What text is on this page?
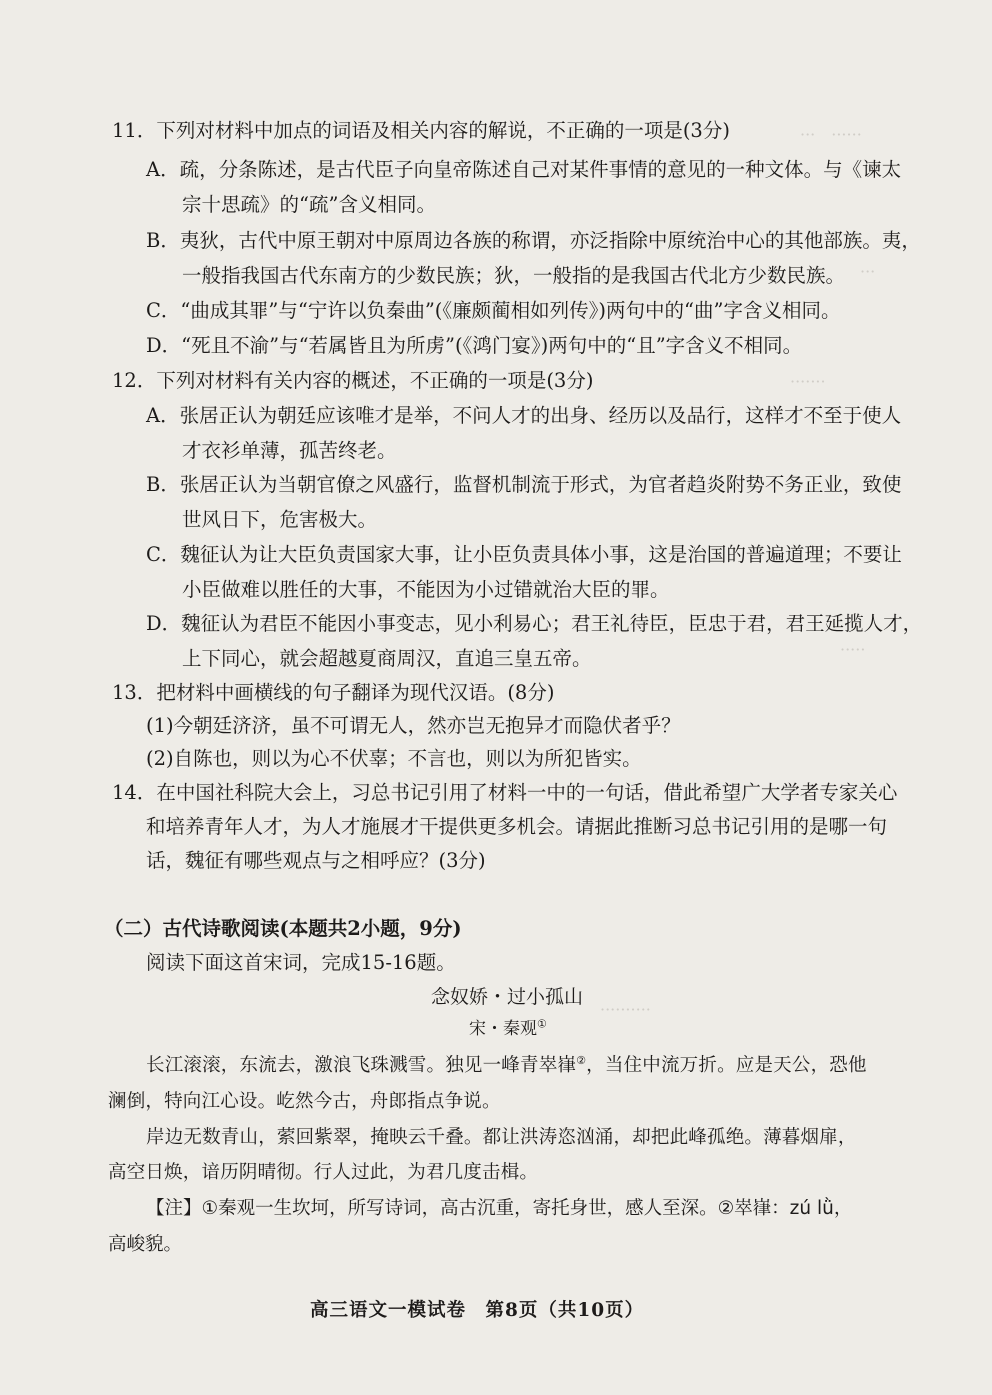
···　······
···
·······
·····
··········
11．下列对材料中加点的词语及相关内容的解说，不正确的一项是(3分)
A．疏，分条陈述，是古代臣子向皇帝陈述自己对某件事情的意见的一种文体。与《谏太
宗十思疏》的“疏”含义相同。
B．夷狄，古代中原王朝对中原周边各族的称谓，亦泛指除中原统治中心的其他部族。夷，
一般指我国古代东南方的少数民族；狄，一般指的是我国古代北方少数民族。
C．“曲成其罪”与“宁许以负秦曲”(《廉颇蔺相如列传》)两句中的“曲”字含义相同。
D．“死且不渝”与“若属皆且为所虏”(《鸿门宴》)两句中的“且”字含义不相同。
12．下列对材料有关内容的概述，不正确的一项是(3分)
A．张居正认为朝廷应该唯才是举，不问人才的出身、经历以及品行，这样才不至于使人
才衣衫单薄，孤苦终老。
B．张居正认为当朝官僚之风盛行，监督机制流于形式，为官者趋炎附势不务正业，致使
世风日下，危害极大。
C．魏征认为让大臣负责国家大事，让小臣负责具体小事，这是治国的普遍道理；不要让
小臣做难以胜任的大事，不能因为小过错就治大臣的罪。
D．魏征认为君臣不能因小事变志，见小利易心；君王礼待臣，臣忠于君，君王延揽人才，
上下同心，就会超越夏商周汉，直追三皇五帝。
13．把材料中画横线的句子翻译为现代汉语。(8分)
(1)今朝廷济济，虽不可谓无人，然亦岂无抱异才而隐伏者乎？
(2)自陈也，则以为心不伏辜；不言也，则以为所犯皆实。
14．在中国社科院大会上，习总书记引用了材料一中的一句话，借此希望广大学者专家关心
和培养青年人才，为人才施展才干提供更多机会。请据此推断习总书记引用的是哪一句
话，魏征有哪些观点与之相呼应？(3分)
（二）古代诗歌阅读(本题共2小题，9分)
阅读下面这首宋词，完成15-16题。
念奴娇・过小孤山
宋・秦观①
长江滚滚，东流去，激浪飞珠溅雪。独见一峰青崒嵂②，当住中流万折。应是天公，恐他
澜倒，特向江心设。屹然今古，舟郎指点争说。
岸边无数青山，萦回紫翠，掩映云千叠。都让洪涛恣汹涌，却把此峰孤绝。薄暮烟扉，
高空日焕，谙历阴晴彻。行人过此，为君几度击楫。
【注】①秦观一生坎坷，所写诗词，高古沉重，寄托身世，感人至深。②崒嵂：zú lǜ，
高峻貌。
高三语文一模试卷　第8页（共10页）
